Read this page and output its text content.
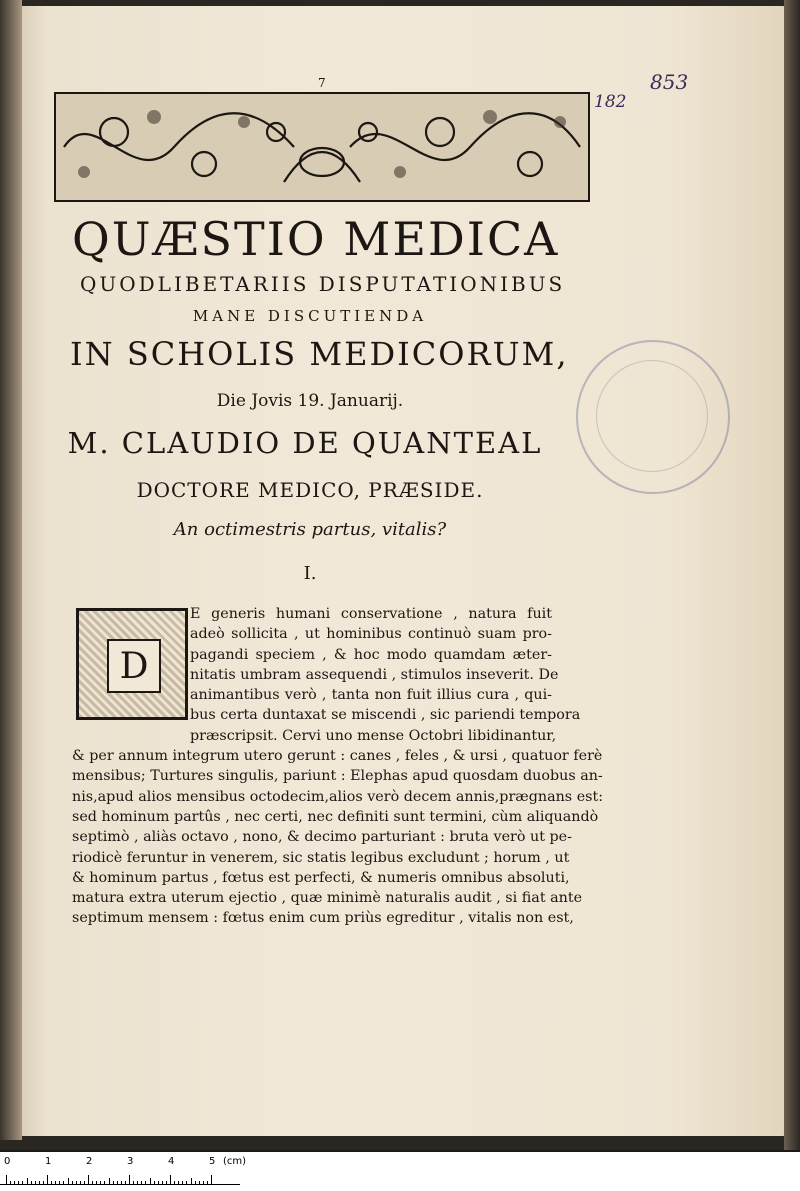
7
182
853
QUÆSTIO MEDICA
QUODLIBETARIIS DISPUTATIONIBUS
MANE DISCUTIENDA
IN SCHOLIS MEDICORUM,
Die Jovis 19. Januarij.
M. CLAUDIO DE QUANTEAL
DOCTORE MEDICO, PRÆSIDE.
An octimestris partus, vitalis?
I.
E generis humani conservatione , natura fuit
adeò sollicita , ut hominibus continuò suam pro-
pagandi speciem , & hoc modo quamdam æter-
nitatis umbram assequendi , stimulos inseverit. De
animantibus verò , tanta non fuit illius cura , qui-
bus certa duntaxat se miscendi , sic pariendi tempora
præscripsit. Cervi uno mense Octobri libidinantur,
& per annum integrum utero gerunt : canes , feles , & ursi , quatuor ferè
mensibus; Turtures singulis, pariunt : Elephas apud quosdam duobus an-
nis,apud alios mensibus octodecim,alios verò decem annis,prægnans est:
sed hominum partûs , nec certi, nec definiti sunt termini, cùm aliquandò
septimò , aliàs octavo , nono, & decimo parturiant : bruta verò ut pe-
riodicè feruntur in venerem, sic statis legibus excludunt ; horum , ut
& hominum partus , fœtus est perfecti, & numeris omnibus absoluti,
matura extra uterum ejectio , quæ minimè naturalis audit , si fiat ante
septimum mensem : fœtus enim cum priùs egreditur , vitalis non est,
D
0	1	2	3	4	5 (cm)
